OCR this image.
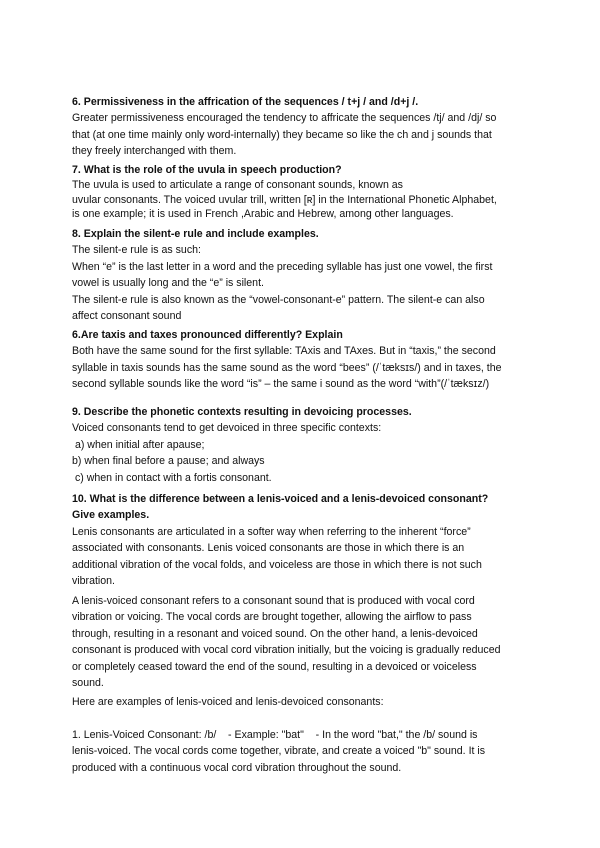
6. Permissiveness in the affrication of the sequences / t+j / and /d+j /.

Greater permissiveness encouraged the tendency to affricate the sequences /tj/ and /dj/ so

that (at one time mainly only word-internally) they became so like the ch and j sounds that

they freely interchanged with them.

7. What is the role of the uvula in speech production?

The uvula is used to articulate a range of consonant sounds, known as

uvular consonants. The voiced uvular trill, written [ʀ] in the International Phonetic Alphabet,

is one example; it is used in French ,Arabic and Hebrew, among other languages.

8. Explain the silent-e rule and include examples.

The silent-e rule is as such:

When “e” is the last letter in a word and the preceding syllable has just one vowel, the first

vowel is usually long and the “e” is silent.

The silent-e rule is also known as the “vowel-consonant-e” pattern. The silent-e can also

affect consonant sound

6.Are taxis and taxes pronounced differently? Explain

Both have the same sound for the first syllable: TAxis and TAxes. But in “taxis,” the second

syllable in taxis sounds has the same sound as the word “bees” (/ˈtæksɪs/) and in taxes, the

second syllable sounds like the word “is” – the same i sound as the word “with”(/ˈtæksɪz/)

9. Describe the phonetic contexts resulting in devoicing processes.

Voiced consonants tend to get devoiced in three specific contexts:

a) when initial after apause;

b) when final before a pause; and always

c) when in contact with a fortis consonant.

10. What is the difference between a lenis-voiced and a lenis-devoiced consonant?

Give examples.

Lenis consonants are articulated in a softer way when referring to the inherent “force”

associated with consonants. Lenis voiced consonants are those in which there is an

additional vibration of the vocal folds, and voiceless are those in which there is not such

vibration.

A lenis-voiced consonant refers to a consonant sound that is produced with vocal cord

vibration or voicing. The vocal cords are brought together, allowing the airflow to pass

through, resulting in a resonant and voiced sound. On the other hand, a lenis-devoiced

consonant is produced with vocal cord vibration initially, but the voicing is gradually reduced

or completely ceased toward the end of the sound, resulting in a devoiced or voiceless

sound.

Here are examples of lenis-voiced and lenis-devoiced consonants:

1. Lenis-Voiced Consonant: /b/    - Example: "bat"    - In the word "bat," the /b/ sound is

lenis-voiced. The vocal cords come together, vibrate, and create a voiced "b" sound. It is

produced with a continuous vocal cord vibration throughout the sound.
